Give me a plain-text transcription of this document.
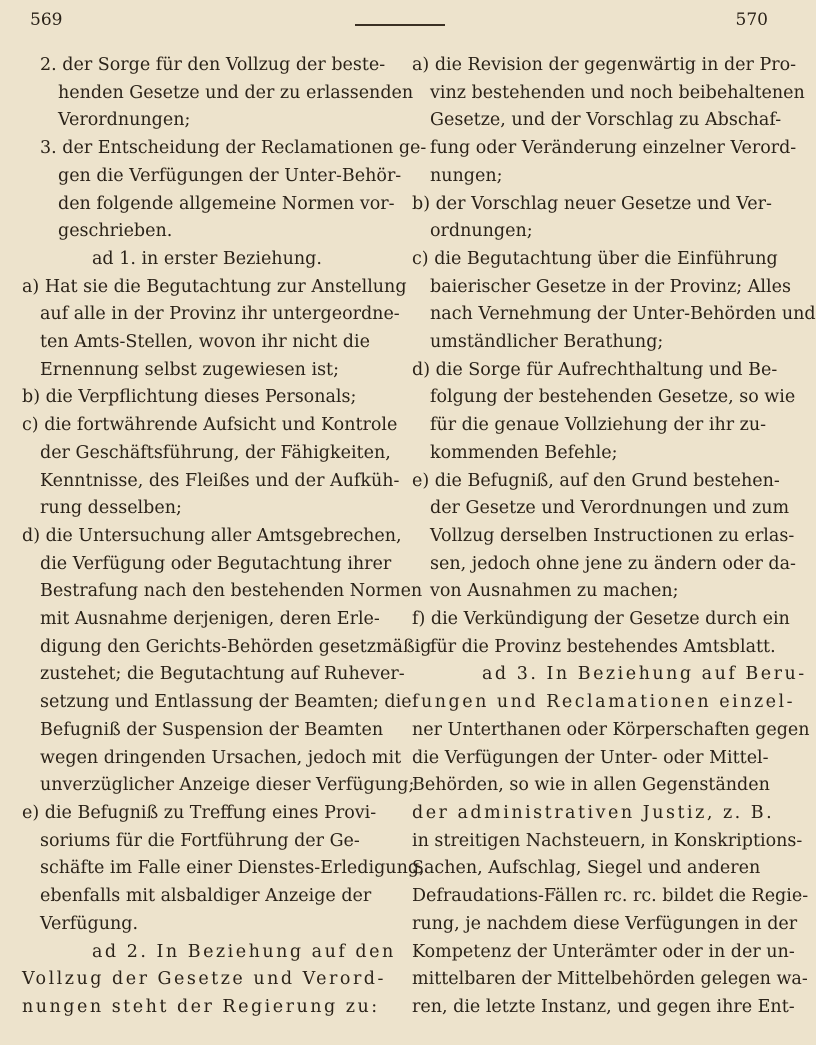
569	570
2. der Sorge für den Vollzug der beste-
henden Gesetze und der zu erlassenden
Verordnungen;
3. der Entscheidung der Reclamationen ge-
gen die Verfügungen der Unter-Behör-
den folgende allgemeine Normen vor-
geschrieben.
ad 1. in erster Beziehung.
a) Hat sie die Begutachtung zur Anstellung
auf alle in der Provinz ihr untergeordne-
ten Amts-Stellen, wovon ihr nicht die
Ernennung selbst zugewiesen ist;
b) die Verpflichtung dieses Personals;
c) die fortwährende Aufsicht und Kontrole
der Geschäftsführung, der Fähigkeiten,
Kenntnisse, des Fleißes und der Aufküh-
rung desselben;
d) die Untersuchung aller Amtsgebrechen,
die Verfügung oder Begutachtung ihrer
Bestrafung nach den bestehenden Normen
mit Ausnahme derjenigen, deren Erle-
digung den Gerichts-Behörden gesetzmäßig
zustehet; die Begutachtung auf Ruhever-
setzung und Entlassung der Beamten; die
Befugniß der Suspension der Beamten
wegen dringenden Ursachen, jedoch mit
unverzüglicher Anzeige dieser Verfügung;
e) die Befugniß zu Treffung eines Provi-
soriums für die Fortführung der Ge-
schäfte im Falle einer Dienstes-Erledigung,
ebenfalls mit alsbaldiger Anzeige der
Verfügung.
ad 2. In Beziehung auf den
Vollzug der Gesetze und Verord-
nungen steht der Regierung zu:
a) die Revision der gegenwärtig in der Pro-
vinz bestehenden und noch beibehaltenen
Gesetze, und der Vorschlag zu Abschaf-
fung oder Veränderung einzelner Verord-
nungen;
b) der Vorschlag neuer Gesetze und Ver-
ordnungen;
c) die Begutachtung über die Einführung
baierischer Gesetze in der Provinz; Alles
nach Vernehmung der Unter-Behörden und
umständlicher Berathung;
d) die Sorge für Aufrechthaltung und Be-
folgung der bestehenden Gesetze, so wie
für die genaue Vollziehung der ihr zu-
kommenden Befehle;
e) die Befugniß, auf den Grund bestehen-
der Gesetze und Verordnungen und zum
Vollzug derselben Instructionen zu erlas-
sen, jedoch ohne jene zu ändern oder da-
von Ausnahmen zu machen;
f) die Verkündigung der Gesetze durch ein
für die Provinz bestehendes Amtsblatt.
ad 3. In Beziehung auf Beru-
fungen und Reclamationen einzel-
ner Unterthanen oder Körperschaften gegen
die Verfügungen der Unter- oder Mittel-
Behörden, so wie in allen Gegenständen
der administrativen Justiz, z. B.
in streitigen Nachsteuern, in Konskriptions-
Sachen, Aufschlag, Siegel und anderen
Defraudations-Fällen rc. rc. bildet die Regie-
rung, je nachdem diese Verfügungen in der
Kompetenz der Unterämter oder in der un-
mittelbaren der Mittelbehörden gelegen wa-
ren, die letzte Instanz, und gegen ihre Ent-
